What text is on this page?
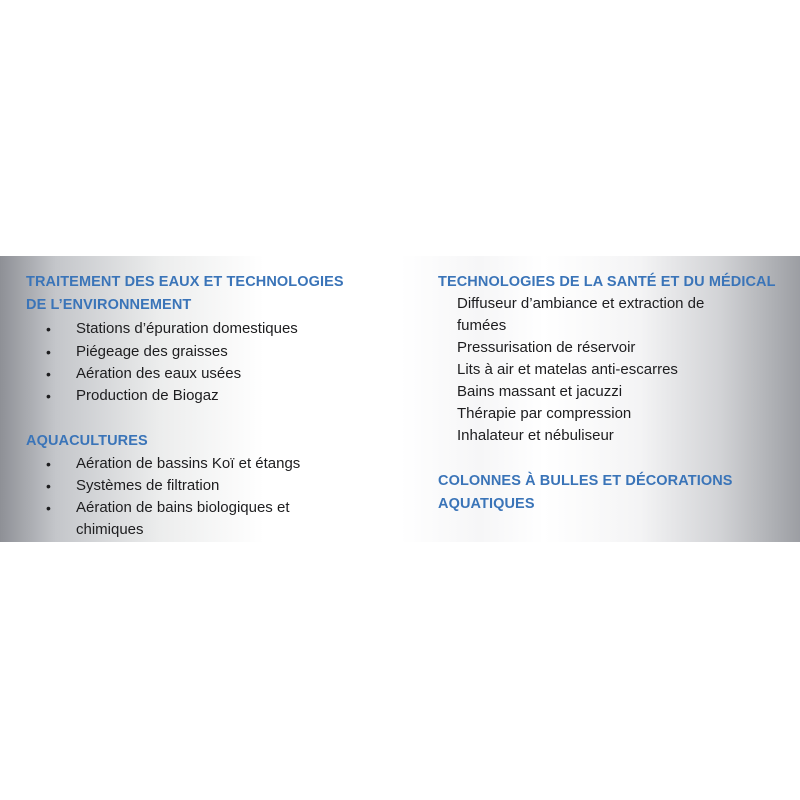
TRAITEMENT DES EAUX ET TECHNOLOGIES
DE L’ENVIRONNEMENT
• Stations d’épuration domestiques
• Piégeage des graisses
• Aération des eaux usées
• Production de Biogaz
AQUACULTURES
• Aération de bassins Koï et étangs
• Systèmes de filtration
• Aération de bains biologiques et
chimiques
TECHNOLOGIES DE LA SANTÉ ET DU MÉDICAL
Diffuseur d’ambiance et extraction de
fumées
Pressurisation de réservoir
Lits à air et matelas anti-escarres
Bains massant et jacuzzi
Thérapie par compression
Inhalateur et nébuliseur
COLONNES À BULLES ET DÉCORATIONS
AQUATIQUES
